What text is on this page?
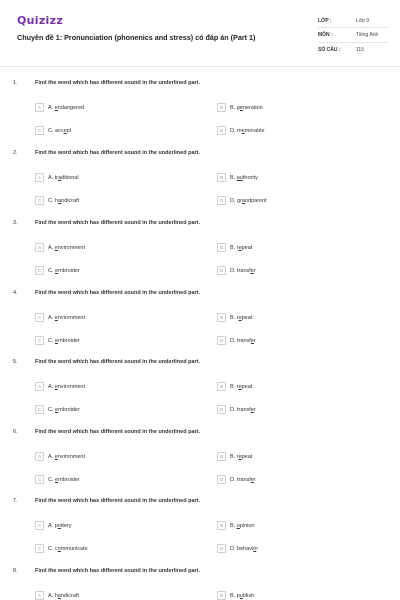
Quizizz
Chuyên đề 1: Pronunciation (phonenics and stress) có đáp án (Part 1)
LỚP :	Lớp 9
MÔN :	Tiếng Anh
SỐ CÂU :	115
1.	Find the word which has different sound in the underlined part.
A	A. endangered	B	B. generation
C	C. accept	D	D. memorable
2.	Find the word which has different sound in the underlined part.
A	A. traditional	B	B. authority
C	C. handicraft	D	D. grandparent
3.	Find the word which has different sound in the underlined part.
A	A. environment	B	B. repeat
C	C. embroider	D	D. transfer
4.	Find the word which has different sound in the underlined part.
A	A. environment	B	B. repeat
C	C. embroider	D	D. transfer
5.	Find the word which has different sound in the underlined part.
A	A. environment	B	B. repeat
C	C. embroider	D	D. transfer
6.	Find the word which has different sound in the underlined part.
A	A. environment	B	B. repeat
C	C. embroider	D	D. transfer
7.	Find the word which has different sound in the underlined part.
A	A. pottery	B	B. opinion
C	C. communicate	D	D. behavior
8.	Find the word which has different sound in the underlined part.
A	A. handicraft	B	B. publish
